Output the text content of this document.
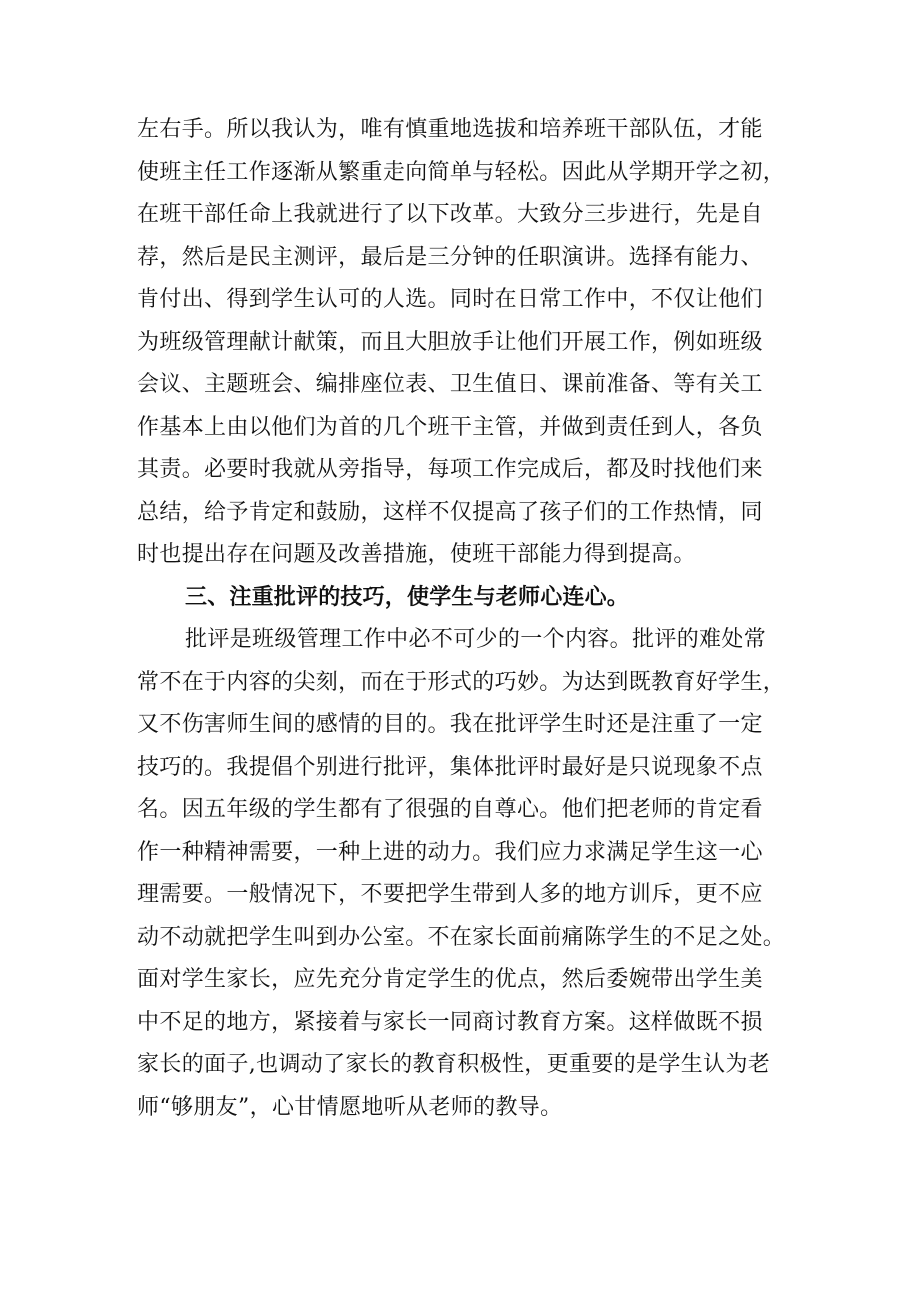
左右手。所以我认为，唯有慎重地选拔和培养班干部队伍，才能
使班主任工作逐渐从繁重走向简单与轻松。因此从学期开学之初，
在班干部任命上我就进行了以下改革。大致分三步进行，先是自
荐，然后是民主测评，最后是三分钟的任职演讲。选择有能力、
肯付出、得到学生认可的人选。同时在日常工作中，不仅让他们
为班级管理献计献策，而且大胆放手让他们开展工作，例如班级
会议、主题班会、编排座位表、卫生值日、课前准备、等有关工
作基本上由以他们为首的几个班干主管，并做到责任到人，各负
其责。必要时我就从旁指导，每项工作完成后，都及时找他们来
总结，给予肯定和鼓励，这样不仅提高了孩子们的工作热情，同
时也提出存在问题及改善措施，使班干部能力得到提高。
三、注重批评的技巧，使学生与老师心连心。
批评是班级管理工作中必不可少的一个内容。批评的难处常
常不在于内容的尖刻，而在于形式的巧妙。为达到既教育好学生，
又不伤害师生间的感情的目的。我在批评学生时还是注重了一定
技巧的。我提倡个别进行批评，集体批评时最好是只说现象不点
名。因五年级的学生都有了很强的自尊心。他们把老师的肯定看
作一种精神需要，一种上进的动力。我们应力求满足学生这一心
理需要。一般情况下，不要把学生带到人多的地方训斥，更不应
动不动就把学生叫到办公室。不在家长面前痛陈学生的不足之处。
面对学生家长，应先充分肯定学生的优点，然后委婉带出学生美
中不足的地方，紧接着与家长一同商讨教育方案。这样做既不损
家长的面子,也调动了家长的教育积极性，更重要的是学生认为老
师“够朋友”，心甘情愿地听从老师的教导。
